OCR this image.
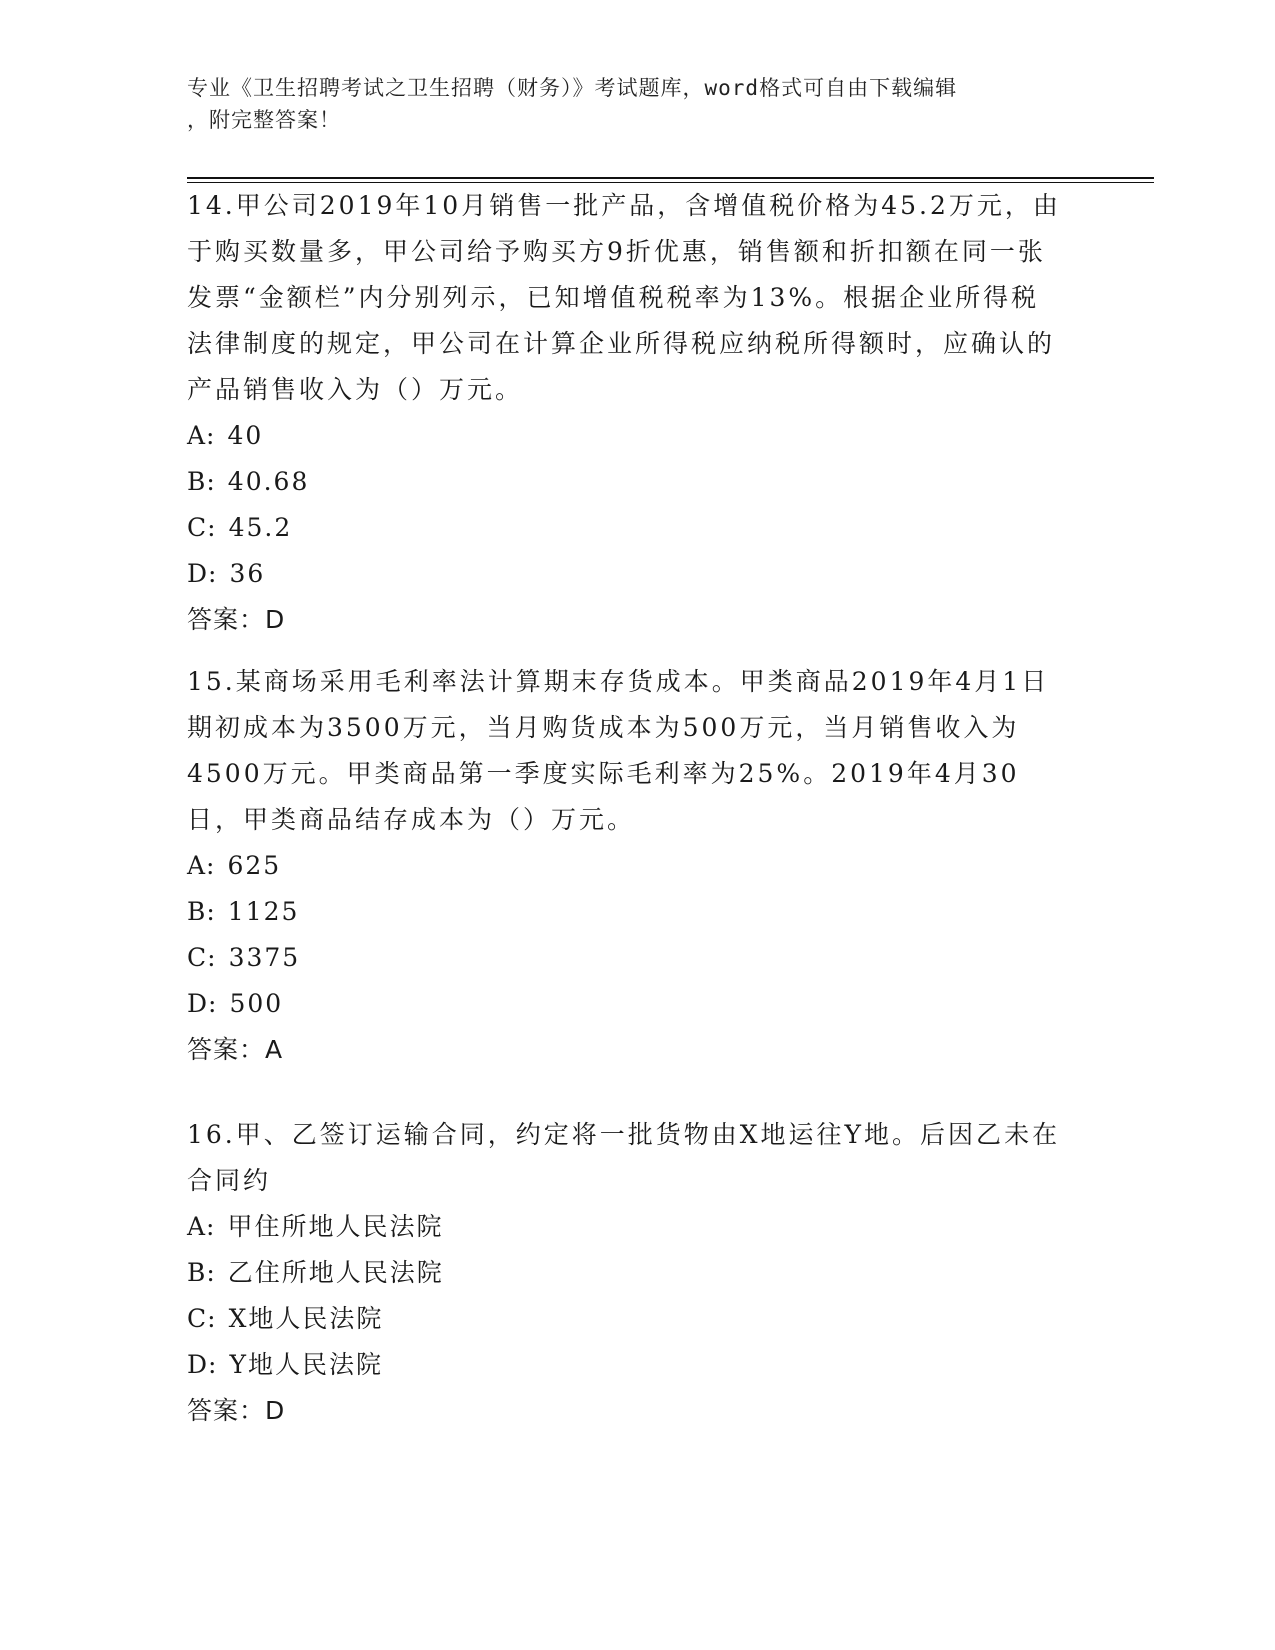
专业《卫生招聘考试之卫生招聘（财务）》考试题库，word格式可自由下载编辑
，附完整答案！

14.甲公司2019年10月销售一批产品，含增值税价格为45.2万元，由于购买数量多，甲公司给予购买方9折优惠，销售额和折扣额在同一张发票“金额栏”内分别列示，已知增值税税率为13%。根据企业所得税法律制度的规定，甲公司在计算企业所得税应纳税所得额时，应确认的产品销售收入为（）万元。

A: 40

B: 40.68

C: 45.2

D: 36

答案：D

15.某商场采用毛利率法计算期末存货成本。甲类商品2019年4月1日期初成本为3500万元，当月购货成本为500万元，当月销售收入为4500万元。甲类商品第一季度实际毛利率为25%。2019年4月30日，甲类商品结存成本为（）万元。

A: 625

B: 1125

C: 3375

D: 500

答案：A

16.甲、乙签订运输合同，约定将一批货物由X地运往Y地。后因乙未在合同约

A: 甲住所地人民法院

B: 乙住所地人民法院

C: X地人民法院

D: Y地人民法院

答案：D
